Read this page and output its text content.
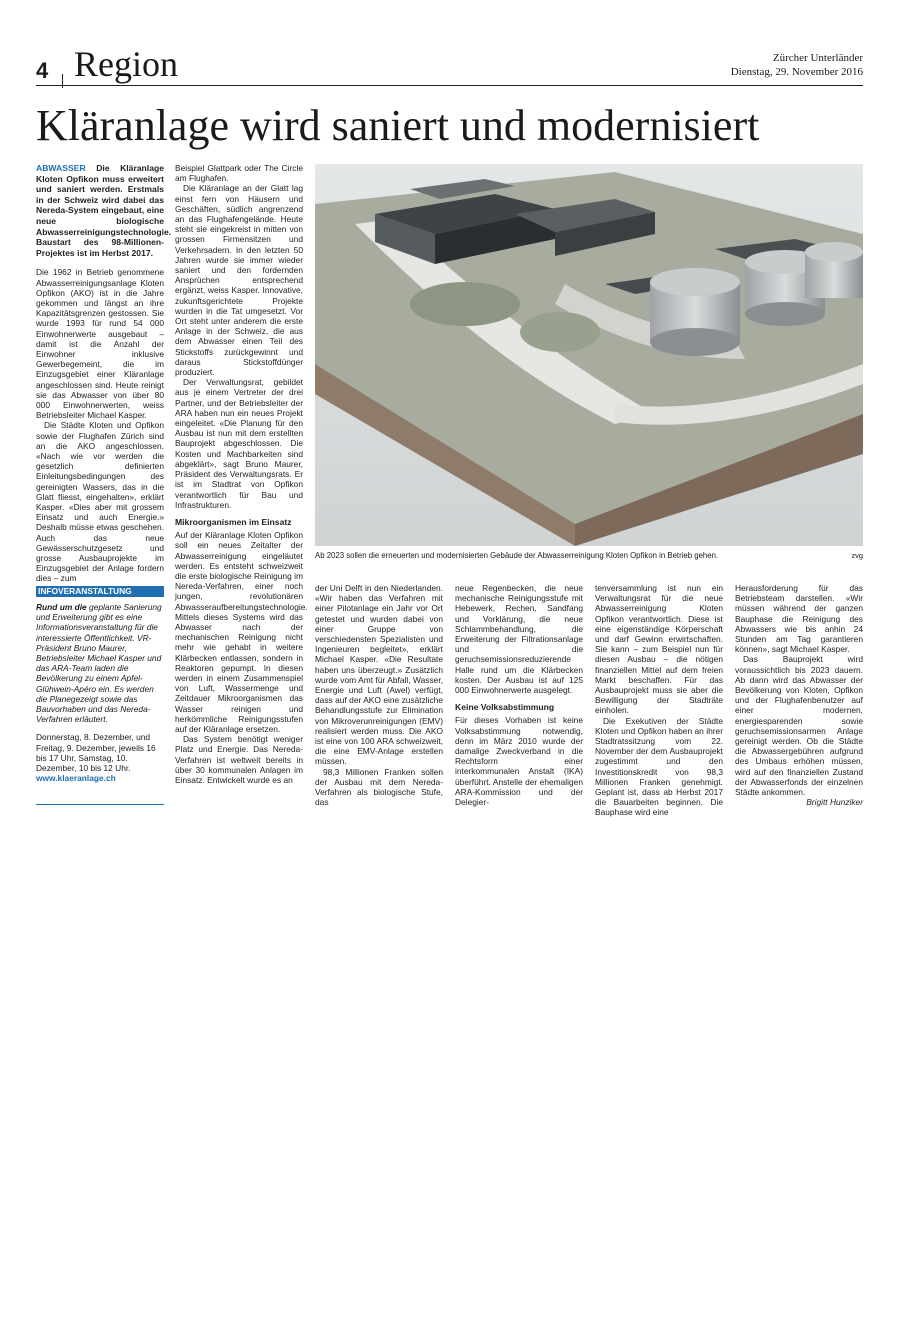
4 Region	Zürcher Unterländer
Dienstag, 29. November 2016
Kläranlage wird saniert und modernisiert

ABWASSER Die Kläranlage Kloten Opfikon muss erweitert und saniert werden. Erstmals in der Schweiz wird dabei das Nereda-System eingebaut, eine neue biologische Abwasserreinigungstechnologie. Baustart des 98-Millionen-Projektes ist im Herbst 2017.

Die 1962 in Betrieb genommene Abwasserreinigungsanlage Kloten Opfikon (AKO) ist in die Jahre gekommen und längst an ihre Kapazitätsgrenzen gestossen. Sie wurde 1993 für rund 54 000 Einwohnerwerte ausgebaut – damit ist die Anzahl der Einwohner inklusive Gewerbegemeint, die im Einzugsgebiet einer Kläranlage angeschlossen sind. Heute reinigt sie das Abwasser von über 80 000 Einwohnerwerten, weiss Betriebsleiter Michael Kasper.

Die Städte Kloten und Opfikon sowie der Flughafen Zürich sind an die AKO angeschlossen. «Nach wie vor werden die gesetzlich definierten Einleitungsbedingungen des gereinigten Wassers, das in die Glatt fliesst, eingehalten», erklärt Kasper. «Dies aber mit grossem Einsatz und auch Energie.» Deshalb müsse etwas geschehen. Auch das neue Gewässerschutzgesetz und grosse Ausbauprojekte im Einzugsgebiet der Anlage fordern dies – zum

INFOVERANSTALTUNG
Rund um die geplante Sanierung und Erweiterung gibt es eine Informationsveranstaltung für die interessierte Öffentlichkeit. VR-Präsident Bruno Maurer, Betriebsleiter Michael Kasper und das ARA-Team laden die Bevölkerung zu einem Apfel-Glühwein-Apéro ein. Es werden die Planegezeigt sowie das Bauvorhaben und das Nereda-Verfahren erläutert.
Donnerstag, 8. Dezember, und Freitag, 9. Dezember, jeweils 16 bis 17 Uhr, Samstag, 10. Dezember, 10 bis 12 Uhr.
www.klaeranlage.ch

Beispiel Glattpark oder The Circle am Flughafen.

Die Kläranlage an der Glatt lag einst fern von Häusern und Geschäften, südlich angrenzend an das Flughafengelände. Heute steht sie eingekreist in mitten von grossen Firmensitzen und Verkehrsadern. In den letzten 50 Jahren wurde sie immer wieder saniert und den fordernden Ansprüchen entsprechend ergänzt, weiss Kasper. Innovative, zukunftsgerichtete Projekte wurden in die Tat umgesetzt. Vor Ort steht unter anderem die erste Anlage in der Schweiz, die aus dem Abwasser einen Teil des Stickstoffs zurückgewinnt und daraus Stickstoffdünger produziert.

Der Verwaltungsrat, gebildet aus je einem Vertreter der drei Partner, und der Betriebsleiter der ARA haben nun ein neues Projekt eingeleitet. «Die Planung für den Ausbau ist nun mit dem erstellten Bauprojekt abgeschlossen. Die Kosten und Machbarkeiten sind abgeklärt», sagt Bruno Maurer, Präsident des Verwaltungsrats. Er ist im Stadtrat von Opfikon verantwortlich für Bau und Infrastrukturen.

Mikroorganismen im Einsatz

Auf der Kläranlage Kloten Opfikon soll ein neues Zeitalter der Abwasserreinigung eingeläutet werden. Es entsteht schweizweit die erste biologische Reinigung im Nereda-Verfahren, einer noch jungen, revolutionären Abwasseraufbereitungstechnologie. Mittels dieses Systems wird das Abwasser nach der mechanischen Reinigung nicht mehr wie gehabt in weitere Klärbecken entlassen, sondern in Reaktoren gepumpt. In diesen werden in einem Zusammenspiel von Luft, Wassermenge und Zeitdauer Mikroorganismen das Wasser reinigen und herkömmliche Reinigungsstufen auf der Kläranlage ersetzen.

Das System benötigt weniger Platz und Energie. Das Nereda-Verfahren ist weltweit bereits in über 30 kommunalen Anlagen im Einsatz. Entwickelt wurde es an

Ab 2023 sollen die erneuerten und modernisierten Gebäude der Abwasserreinigung Kloten Opfikon in Betrieb gehen.	zvg

der Uni Delft in den Niederlanden. «Wir haben das Verfahren mit einer Pilotanlage ein Jahr vor Ort getestet und wurden dabei von einer Gruppe von verschiedensten Spezialisten und Ingenieuren begleitet», erklärt Michael Kasper. «Die Resultate haben uns überzeugt.» Zusätzlich wurde vom Amt für Abfall, Wasser, Energie und Luft (Awel) verfügt, dass auf der AKO eine zusätzliche Behandlungsstufe zur Elimination von Mikroverunreinigungen (EMV) realisiert werden muss. Die AKO ist eine von 100 ARA schweizweit, die eine EMV-Anlage erstellen müssen.

98,3 Millionen Franken sollen der Ausbau mit dem Nereda-Verfahren als biologische Stufe, das

neue Regenbecken, die neue mechanische Reinigungsstufe mit Hebewerk, Rechen, Sandfang und Vorklärung, die neue Schlammbehandlung, die Erweiterung der Filtrationsanlage und die geruchsemissionsreduzierende Halle rund um die Klärbecken kosten. Der Ausbau ist auf 125 000 Einwohnerwerte ausgelegt.

Keine Volksabstimmung

Für dieses Vorhaben ist keine Volksabstimmung notwendig, denn im März 2010 wurde der damalige Zweckverband in die Rechtsform einer interkommunalen Anstalt (IKA) überführt. Anstelle der ehemaligen ARA-Kommission und der Delegier-

tenversammlung ist nun ein Verwaltungsrat für die neue Abwasserreinigung Kloten Opfikon verantwortlich. Diese ist eine eigenständige Körperschaft und darf Gewinn erwirtschaften. Sie kann – zum Beispiel nun für diesen Ausbau – die nötigen finanziellen Mittel auf dem freien Markt beschaffen. Für das Ausbauprojekt muss sie aber die Bewilligung der Stadträte einholen.

Die Exekutiven der Städte Kloten und Opfikon haben an ihrer Stadtratssitzung vom 22. November der dem Ausbauprojekt zugestimmt und den Investitionskredit von 98,3 Millionen Franken genehmigt. Geplant ist, dass ab Herbst 2017 die Bauarbeiten beginnen. Die Bauphase wird eine

Herausforderung für das Betriebsteam darstellen. «Wir müssen während der ganzen Bauphase die Reinigung des Abwassers wie bis anhin 24 Stunden am Tag garantieren können», sagt Michael Kasper.

Das Bauprojekt wird voraussichtlich bis 2023 dauern. Ab dann wird das Abwasser der Bevölkerung von Kloten, Opfikon und der Flughafenbenutzer auf einer modernen, energiesparenden sowie geruchsemissionsarmen Anlage gereinigt werden. Ob die Städte die Abwassergebühren aufgrund des Umbaus erhöhen müssen, wird auf den finanziellen Zustand der Abwasserfonds der einzelnen Städte ankommen.

Brigitt Hunziker
